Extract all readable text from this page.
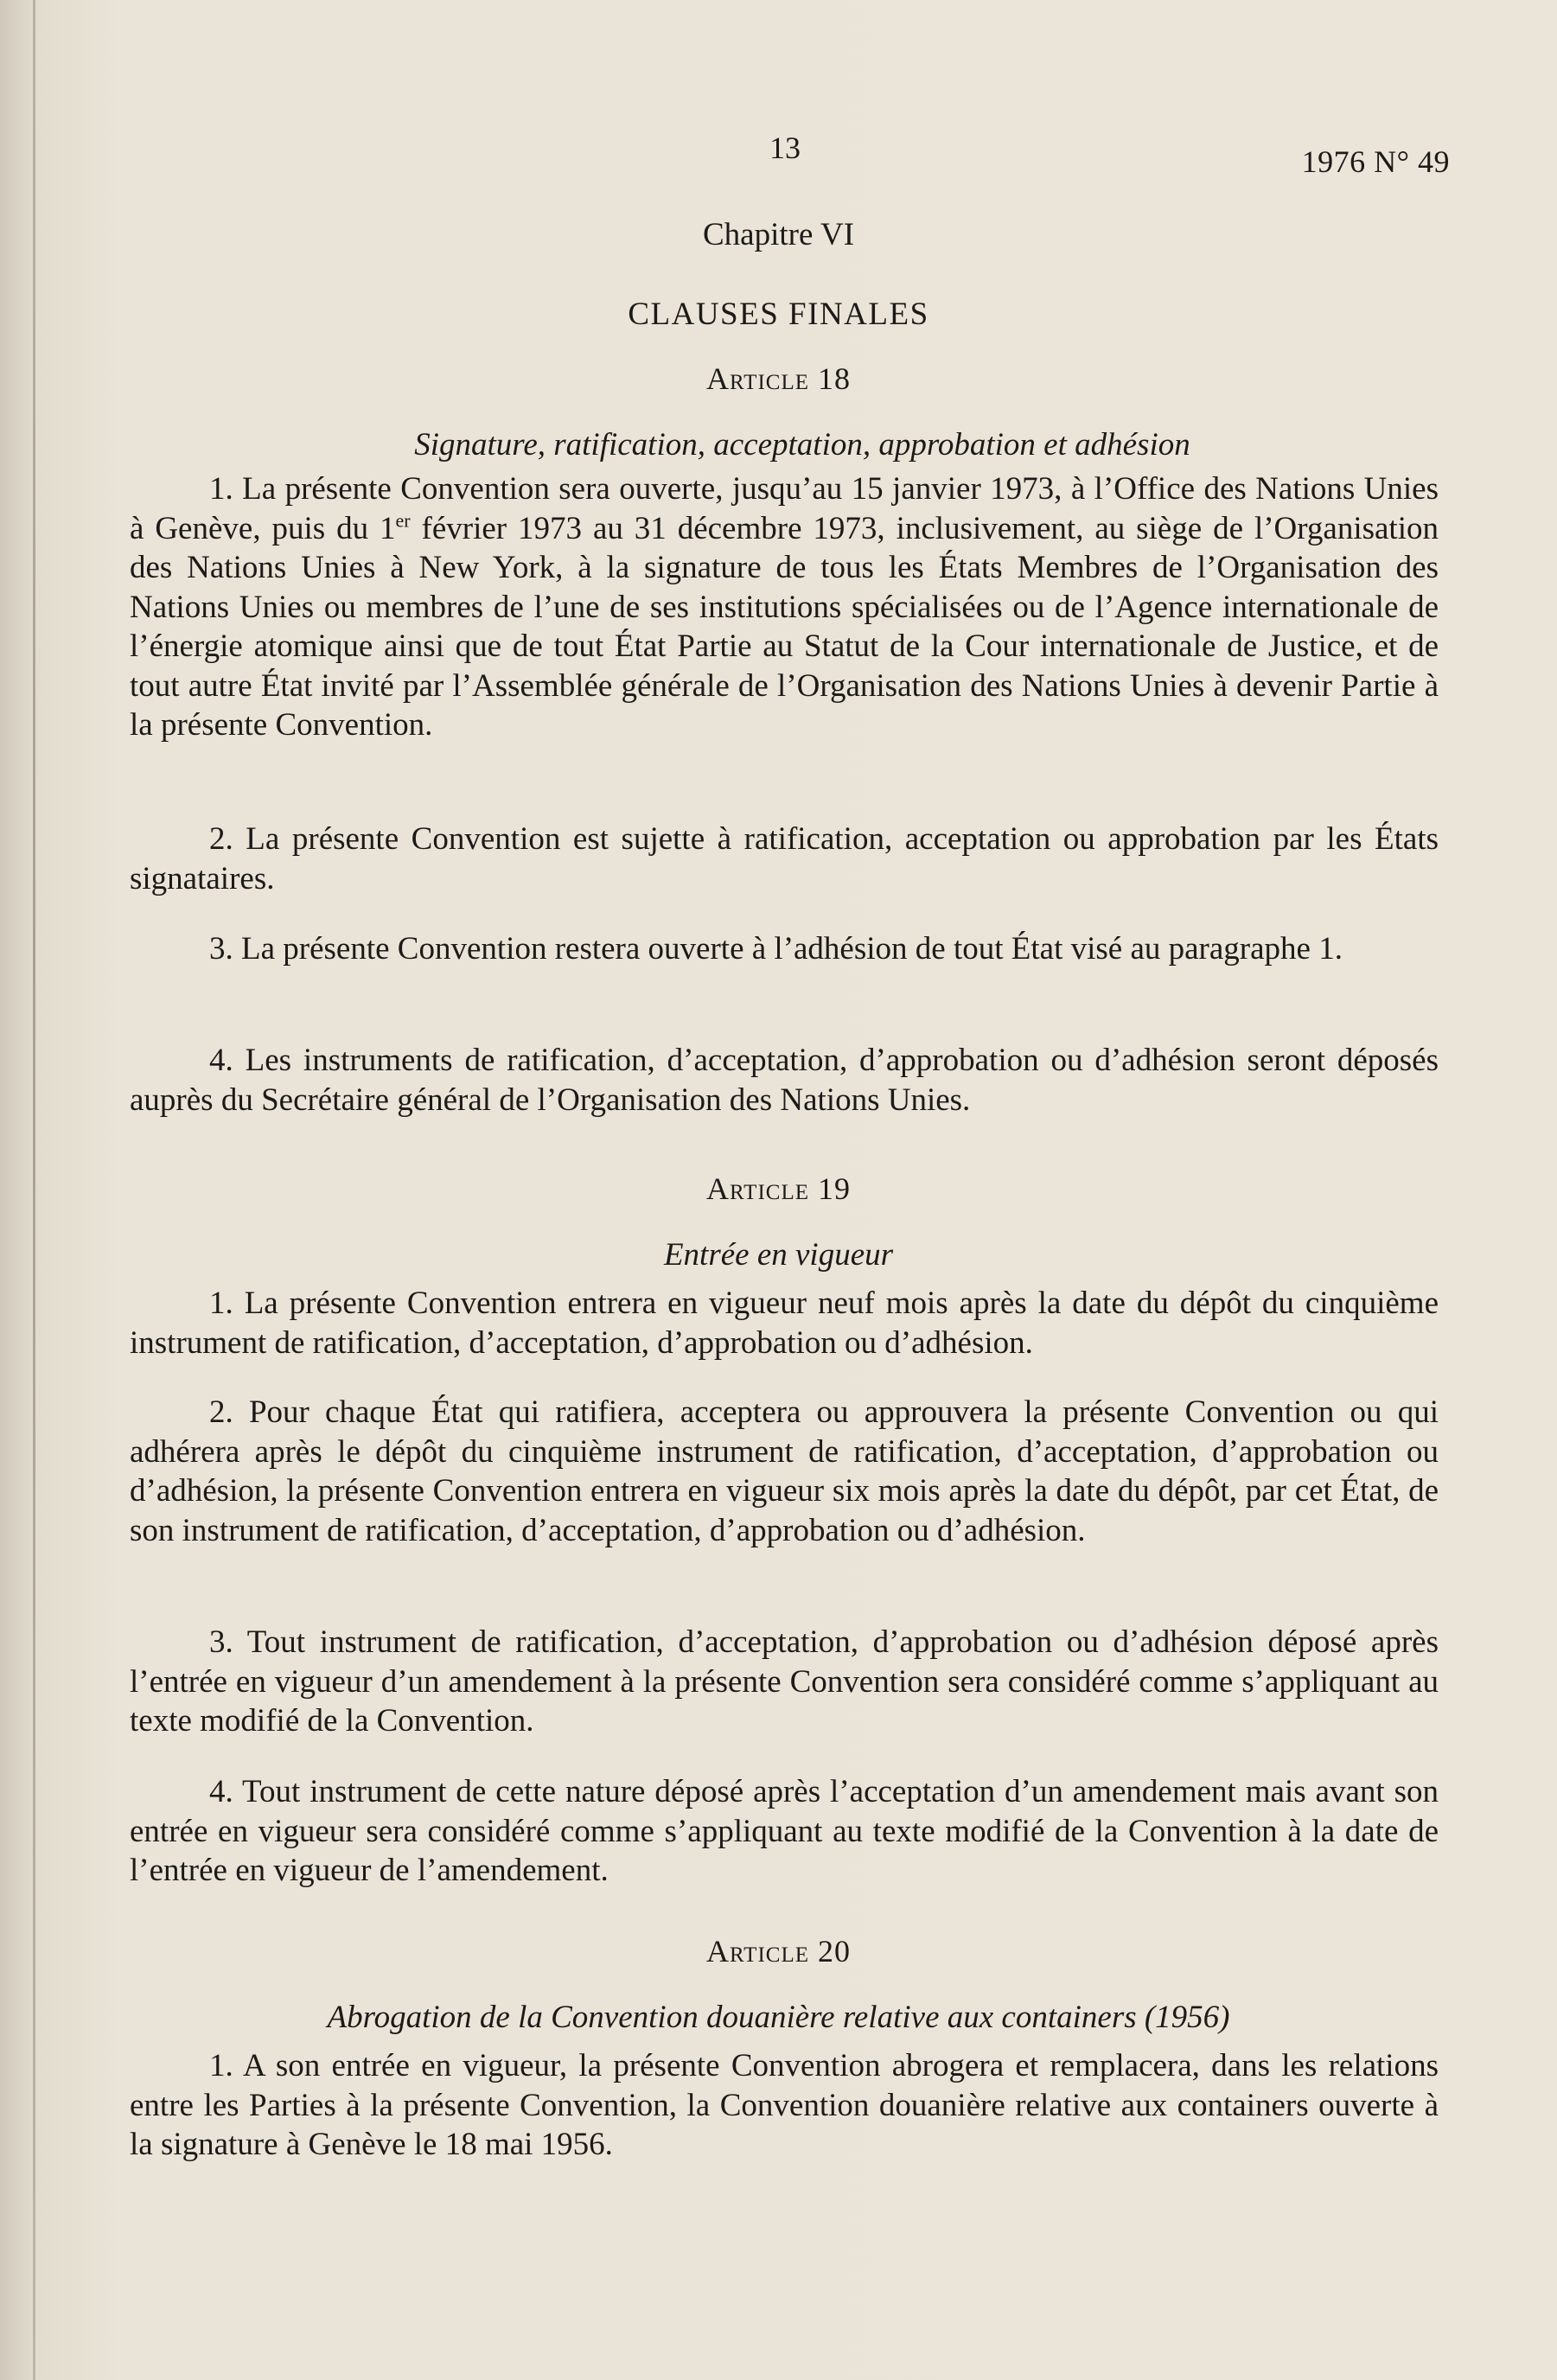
13	1976 N° 49
Chapitre VI
CLAUSES FINALES
Article 18
Signature, ratification, acceptation, approbation et adhésion

1. La présente Convention sera ouverte, jusqu’au 15 janvier 1973, à l’Office des Nations Unies à Genève, puis du 1er février 1973 au 31 décembre 1973, inclusivement, au siège de l’Organisation des Nations Unies à New York, à la signature de tous les États Membres de l’Organisation des Nations Unies ou membres de l’une de ses institutions spécialisées ou de l’Agence internationale de l’énergie atomique ainsi que de tout État Partie au Statut de la Cour internationale de Justice, et de tout autre État invité par l’Assemblée générale de l’Organisation des Nations Unies à devenir Partie à la présente Convention.

2. La présente Convention est sujette à ratification, acceptation ou approbation par les États signataires.

3. La présente Convention restera ouverte à l’adhésion de tout État visé au paragraphe 1.

4. Les instruments de ratification, d’acceptation, d’approbation ou d’adhésion seront déposés auprès du Secrétaire général de l’Organisation des Nations Unies.

Article 19
Entrée en vigueur

1. La présente Convention entrera en vigueur neuf mois après la date du dépôt du cinquième instrument de ratification, d’acceptation, d’approbation ou d’adhésion.

2. Pour chaque État qui ratifiera, acceptera ou approuvera la présente Convention ou qui adhérera après le dépôt du cinquième instrument de ratification, d’acceptation, d’approbation ou d’adhésion, la présente Convention entrera en vigueur six mois après la date du dépôt, par cet État, de son instrument de ratification, d’acceptation, d’approbation ou d’adhésion.

3. Tout instrument de ratification, d’acceptation, d’approbation ou d’adhésion déposé après l’entrée en vigueur d’un amendement à la présente Convention sera considéré comme s’appliquant au texte modifié de la Convention.

4. Tout instrument de cette nature déposé après l’acceptation d’un amendement mais avant son entrée en vigueur sera considéré comme s’appliquant au texte modifié de la Convention à la date de l’entrée en vigueur de l’amendement.

Article 20
Abrogation de la Convention douanière relative aux containers (1956)

1. A son entrée en vigueur, la présente Convention abrogera et remplacera, dans les relations entre les Parties à la présente Convention, la Convention douanière relative aux containers ouverte à la signature à Genève le 18 mai 1956.
